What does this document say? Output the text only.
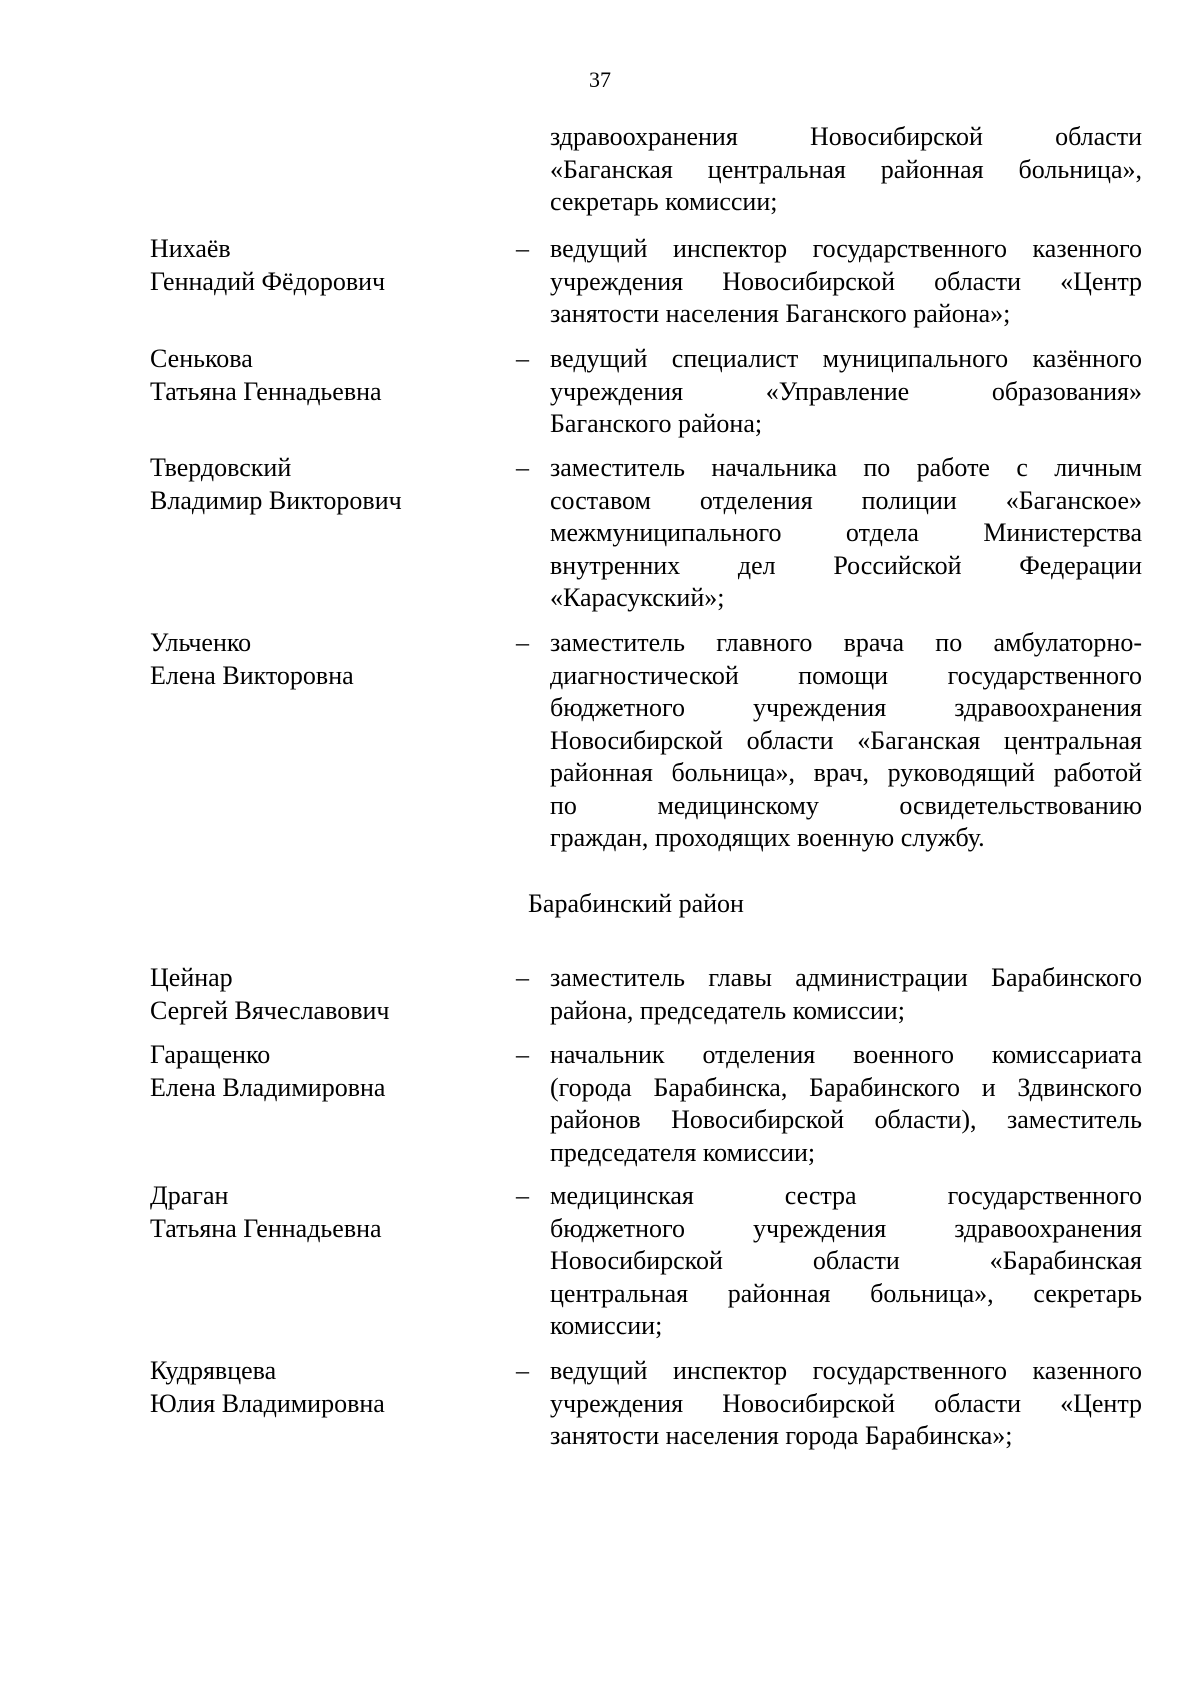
37
здравоохранения Новосибирской области
«Баганская центральная районная больница»,
секретарь комиссии;
Нихаёв
Геннадий Фёдорович
– ведущий инспектор государственного казенного
учреждения Новосибирской области «Центр
занятости населения Баганского района»;
Сенькова
Татьяна Геннадьевна
– ведущий специалист муниципального казённого
учреждения «Управление образования»
Баганского района;
Твердовский
Владимир Викторович
– заместитель начальника по работе с личным
составом отделения полиции «Баганское»
межмуниципального отдела Министерства
внутренних дел Российской Федерации
«Карасукский»;
Ульченко
Елена Викторовна
– заместитель главного врача по амбулаторно-
диагностической помощи государственного
бюджетного учреждения здравоохранения
Новосибирской области «Баганская центральная
районная больница», врач, руководящий работой
по медицинскому освидетельствованию
граждан, проходящих военную службу.
Барабинский район
Цейнар
Сергей Вячеславович
– заместитель главы администрации Барабинского
района, председатель комиссии;
Гаращенко
Елена Владимировна
– начальник отделения военного комиссариата
(города Барабинска, Барабинского и Здвинского
районов Новосибирской области), заместитель
председателя комиссии;
Драган
Татьяна Геннадьевна
– медицинская сестра государственного
бюджетного учреждения здравоохранения
Новосибирской области «Барабинская
центральная районная больница», секретарь
комиссии;
Кудрявцева
Юлия Владимировна
– ведущий инспектор государственного казенного
учреждения Новосибирской области «Центр
занятости населения города Барабинска»;
